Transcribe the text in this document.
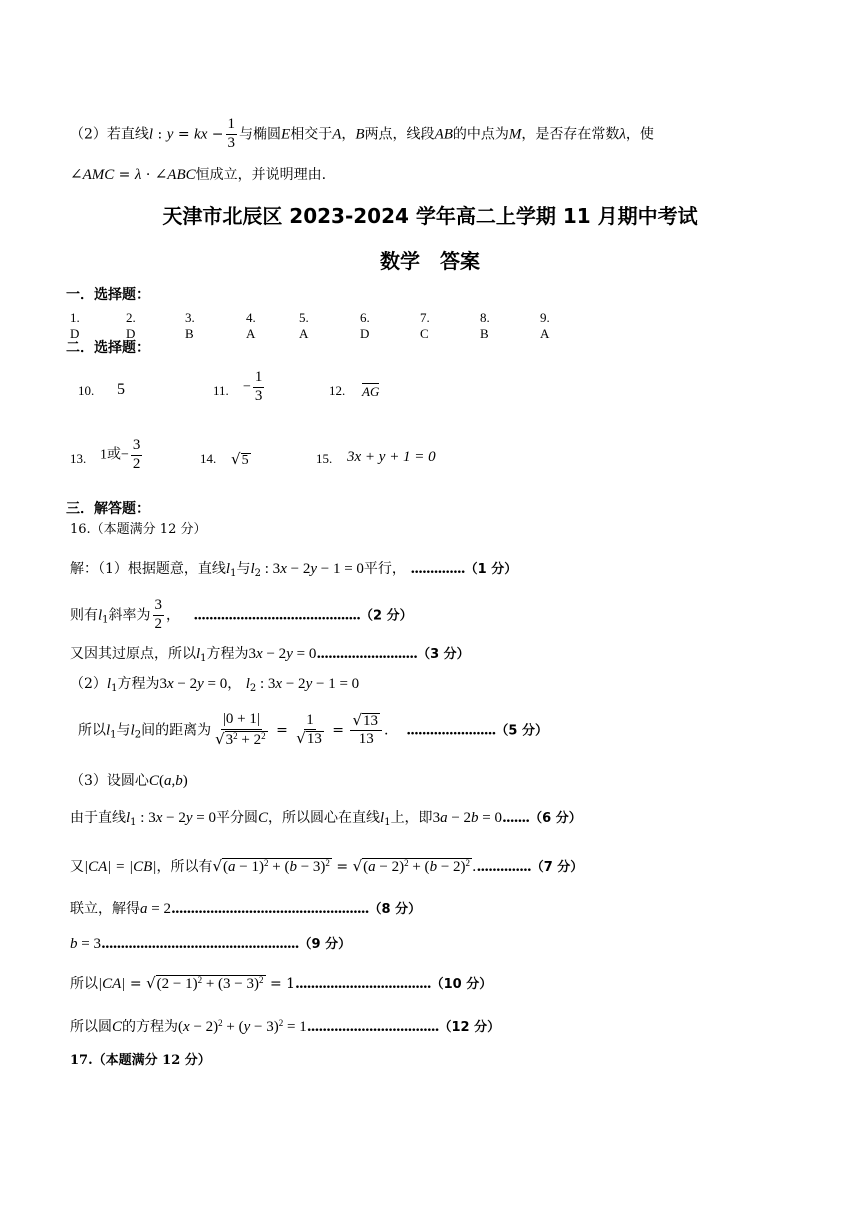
（2）若直线l : y = kx − $\frac{1}{3}$ 与椭圆E相交于A，B两点，线段AB的中点为M，是否存在常数λ，使
∠AMC = λ · ∠ABC恒成立，并说明理由.
天津市北辰区 2023-2024 学年高二上学期 11 月期中考试
数学　答案
一．选择题：
1. D
2. D
3. B
4. A
5. A
6. D
7. C
8. B
9. A
二．选择题：
10. 5	11. − $\frac{1}{3}$	12. AG
13. 1或− $\frac{3}{2}$	14. √5	15. 3x + y + 1 = 0
三．解答题：
16.（本题满分 12 分）
解：（1）根据题意，直线$l_1$与$l_2$ : 3x − 2y − 1 = 0平行， ..............（1 分）
则有$l_1$斜率为 $\frac{3}{2}$ ， ...........................................（2 分）
又因其过原点，所以$l_1$方程为3x − 2y = 0..........................（3 分）
$(2)l_1$方程为3x − 2y = 0， $l_2$ : 3x − 2y − 1 = 0
所以$l_1$与$l_2$间的距离为 $\frac{|0 + 1|}{√3^2 + 2^2} = \frac{1}{√13} = \frac{√13}{13}$ .    .......................（5 分）
（3）设圆心C(a,b)
由于直线$l_1$ : 3x − 2y = 0平分圆C，所以圆心在直线$l_1$上，即3a − 2b = 0.......（6 分）
又|CA| = |CB|，所以有$√(a - 1)^2 + (b - 3)^2 = √(a - 2)^2 + (b - 2)^2$ ...............（7 分）
联立，解得a = 2...................................................（8 分）
b = 3...................................................（9 分）
所以$|CA| = √(2 - 1)^2 + (3 - 3)^2 = 1...................................(10$ 分）
所以圆C的方程为$(x - 2)^2 + (y - 3)^2 = 1..................................(12$ 分）
17.（本题满分 12 分）
